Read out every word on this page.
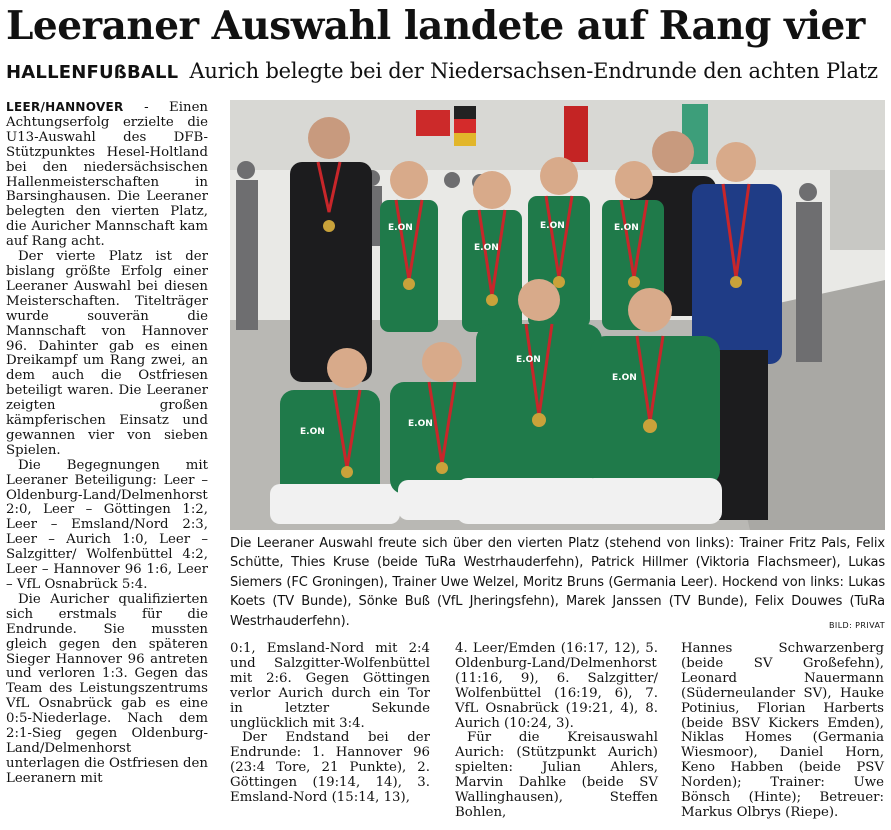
Leeraner Auswahl landete auf Rang vier
HALLENFUßBALL Aurich belegte bei der Niedersachsen-Endrunde den achten Platz

LEER/HANNOVER - Einen Achtungserfolg erzielte die U13-Auswahl des DFB-Stützpunktes Hesel-Holtland bei den niedersächsischen Hallenmeisterschaften in Barsinghausen. Die Leeraner belegten den vierten Platz, die Auricher Mannschaft kam auf Rang acht.

Der vierte Platz ist der bislang größte Erfolg einer Leeraner Auswahl bei diesen Meisterschaften. Titelträger wurde souverän die Mannschaft von Hannover 96. Dahinter gab es einen Dreikampf um Rang zwei, an dem auch die Ostfriesen beteiligt waren. Die Leeraner zeigten großen kämpferischen Einsatz und gewannen vier von sieben Spielen.

Die Begegnungen mit Leeraner Beteiligung: Leer – Oldenburg-Land/Delmenhorst 2:0, Leer – Göttingen 1:2, Leer – Emsland/Nord 2:3, Leer – Aurich 1:0, Leer – Salzgitter/ Wolfenbüttel 4:2, Leer – Hannover 96 1:6, Leer – VfL Osnabrück 5:4.

Die Auricher qualifizierten sich erstmals für die Endrunde. Sie mussten gleich gegen den späteren Sieger Hannover 96 antreten und verloren 1:3. Gegen das Team des Leistungszentrums VfL Osnabrück gab es eine 0:5-Niederlage. Nach dem 2:1-Sieg gegen Oldenburg-Land/Delmenhorst unterlagen die Ostfriesen den Leeranern mit

E.ON
E.ON
E.ON	E.ON
E.ON
E.ON
E.ON
E.ON
Die Leeraner Auswahl freute sich über den vierten Platz (stehend von links): Trainer Fritz Pals, Felix Schütte, Thies Kruse (beide TuRa Westrhauderfehn), Patrick Hillmer (Viktoria Flachsmeer), Lukas Siemers (FC Groningen), Trainer Uwe Welzel, Moritz Bruns (Germania Leer). Hockend von links: Lukas Koets (TV Bunde), Sönke Buß (VfL Jheringsfehn), Marek Janssen (TV Bunde), Felix Douwes (TuRa Westrhauderfehn).	BILD: PRIVAT

0:1, Emsland-Nord mit 2:4 und Salzgitter-Wolfenbüttel mit 2:6. Gegen Göttingen verlor Aurich durch ein Tor in letzter Sekunde unglücklich mit 3:4.

Der Endstand bei der Endrunde: 1. Hannover 96 (23:4 Tore, 21 Punkte), 2. Göttingen (19:14, 14), 3. Emsland-Nord (15:14, 13),

4. Leer/Emden (16:17, 12), 5. Oldenburg-Land/Delmenhorst (11:16, 9), 6. Salzgitter/ Wolfenbüttel (16:19, 6), 7. VfL Osnabrück (19:21, 4), 8. Aurich (10:24, 3).

Für die Kreisauswahl Aurich: (Stützpunkt Aurich) spielten: Julian Ahlers, Marvin Dahlke (beide SV Wallinghausen), Steffen Bohlen,

Hannes Schwarzenberg (beide SV Großefehn), Leonard Nauermann (Süderneulander SV), Hauke Potinius, Florian Harberts (beide BSV Kickers Emden), Niklas Homes (Germania Wiesmoor), Daniel Horn, Keno Habben (beide PSV Norden); Trainer: Uwe Bönsch (Hinte); Betreuer: Markus Olbrys (Riepe).
